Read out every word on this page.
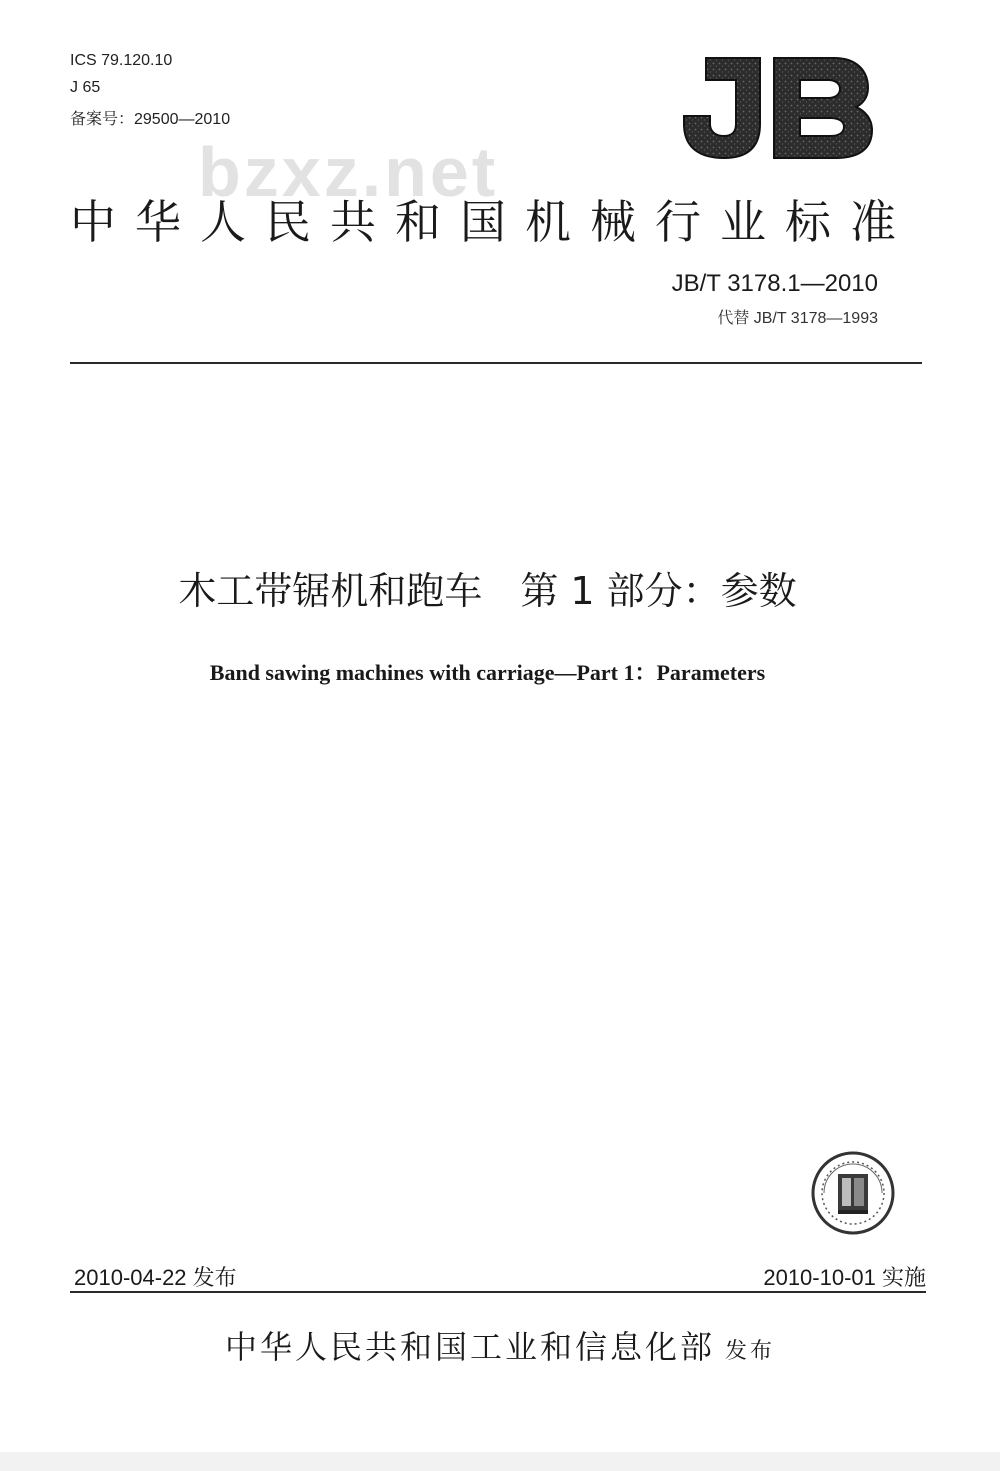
ICS 79.120.10
J 65
备案号：29500—2010
bzxz.net
中华人民共和国机械行业标准
JB/T 3178.1—2010
代替 JB/T 3178—1993
木工带锯机和跑车　第 1 部分：参数
Band sawing machines with carriage—Part 1：Parameters
2010-04-22 发布	2010-10-01 实施
中华人民共和国工业和信息化部 发布
